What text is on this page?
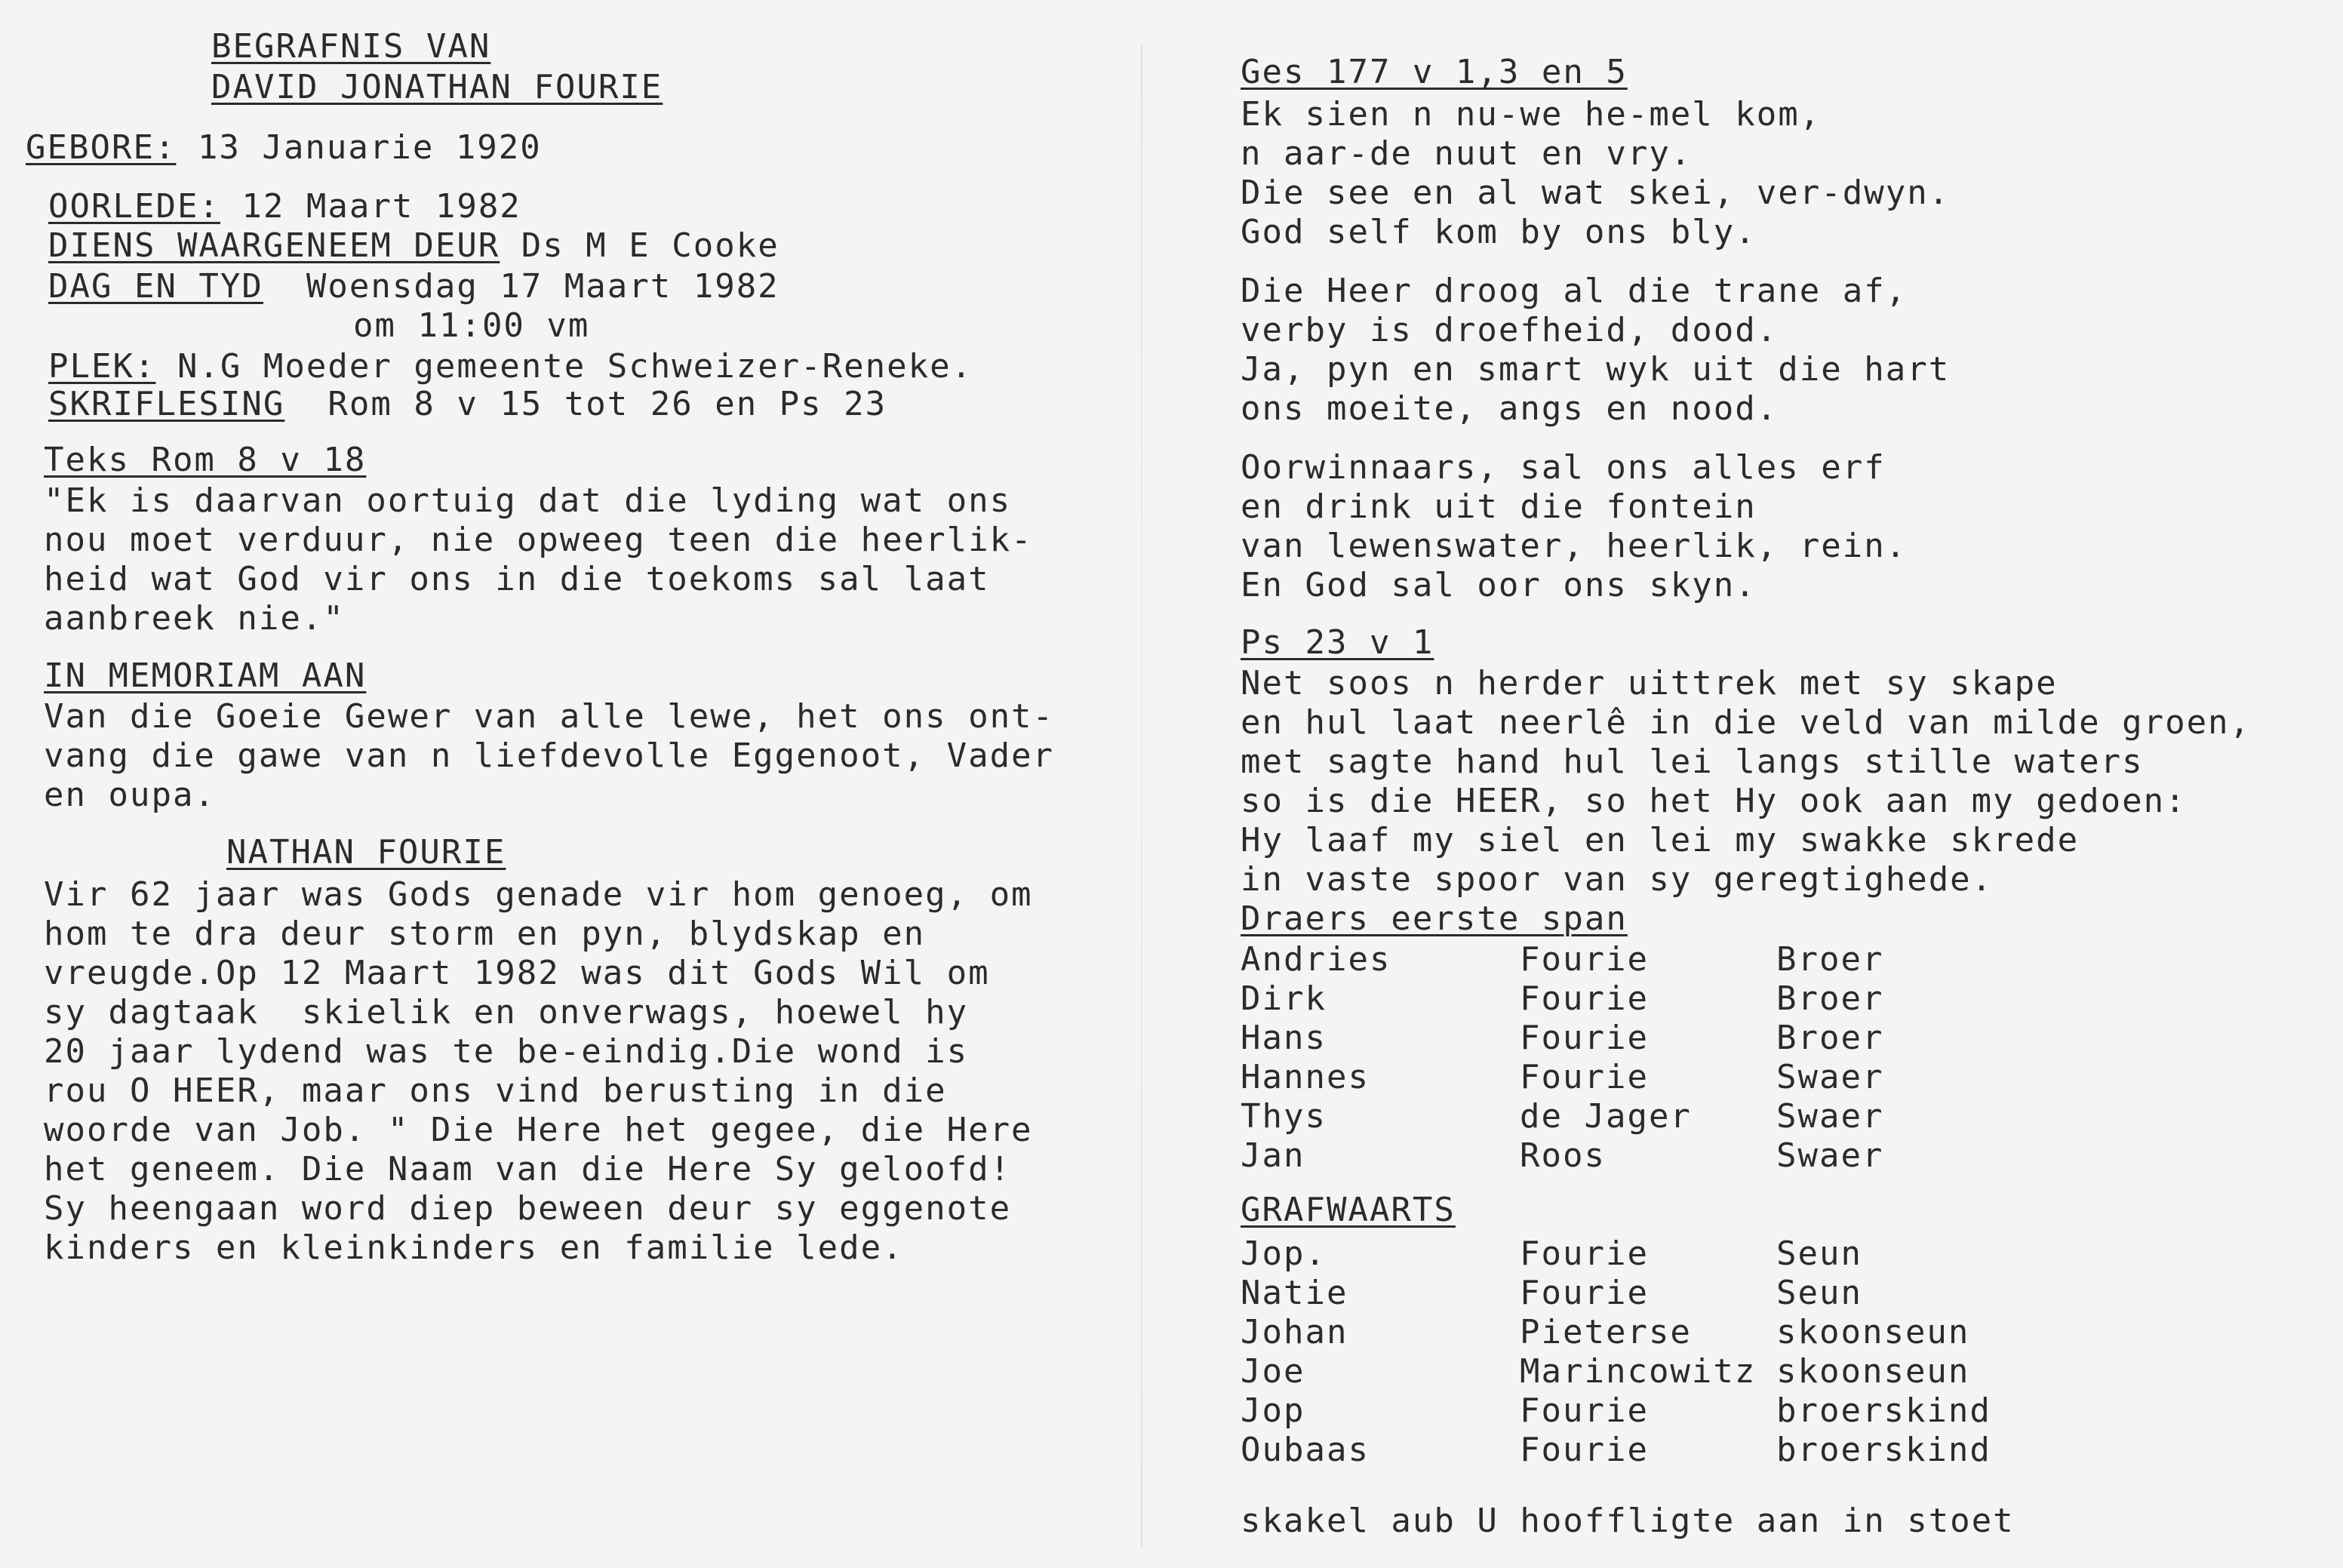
BEGRAFNIS VAN
DAVID JONATHAN FOURIE
GEBORE: 13 Januarie 1920
OORLEDE: 12 Maart 1982
DIENS WAARGENEEM DEUR Ds M E Cooke
DAG EN TYD Woensdag 17 Maart 1982
om 11:00 vm
PLEK: N.G Moeder gemeente Schweizer-Reneke.
SKRIFLESING Rom 8 v 15 tot 26 en Ps 23
Teks Rom 8 v 18
"Ek is daarvan oortuig dat die lyding wat ons
nou moet verduur, nie opweeg teen die heerlik-
heid wat God vir ons in die toekoms sal laat
aanbreek nie."
IN MEMORIAM AAN
Van die Goeie Gewer van alle lewe, het ons ont-
vang die gawe van n liefdevolle Eggenoot, Vader
en oupa.
NATHAN FOURIE
Vir 62 jaar was Gods genade vir hom genoeg, om
hom te dra deur storm en pyn, blydskap en
vreugde.Op 12 Maart 1982 was dit Gods Wil om
sy dagtaak  skielik en onverwags, hoewel hy
20 jaar lydend was te be-eindig.Die wond is
rou O HEER, maar ons vind berusting in die
woorde van Job. " Die Here het gegee, die Here
het geneem. Die Naam van die Here Sy geloofd!
Sy heengaan word diep beween deur sy eggenote
kinders en kleinkinders en familie lede.
Ges 177 v 1,3 en 5
Ek sien n nu-we he-mel kom,
n aar-de nuut en vry.
Die see en al wat skei, ver-dwyn.
God self kom by ons bly.
Die Heer droog al die trane af,
verby is droefheid, dood.
Ja, pyn en smart wyk uit die hart
ons moeite, angs en nood.
Oorwinnaars, sal ons alles erf
en drink uit die fontein
van lewenswater, heerlik, rein.
En God sal oor ons skyn.
Ps 23 v 1
Net soos n herder uittrek met sy skape
en hul laat neerlê in die veld van milde groen,
met sagte hand hul lei langs stille waters
so is die HEER, so het Hy ook aan my gedoen:
Hy laaf my siel en lei my swakke skrede
in vaste spoor van sy geregtighede.
Draers eerste span
Andries	Fourie	Broer
Dirk	Fourie	Broer
Hans	Fourie	Broer
Hannes	Fourie	Swaer
Thys	de Jager	Swaer
Jan	Roos	Swaer
GRAFWAARTS
Jop.	Fourie	Seun
Natie	Fourie	Seun
Johan	Pieterse	skoonseun
Joe	Marincowitz skoonseun
Jop	Fourie	broerskind
Oubaas	Fourie	broerskind
skakel aub U hooffligte aan in stoet
